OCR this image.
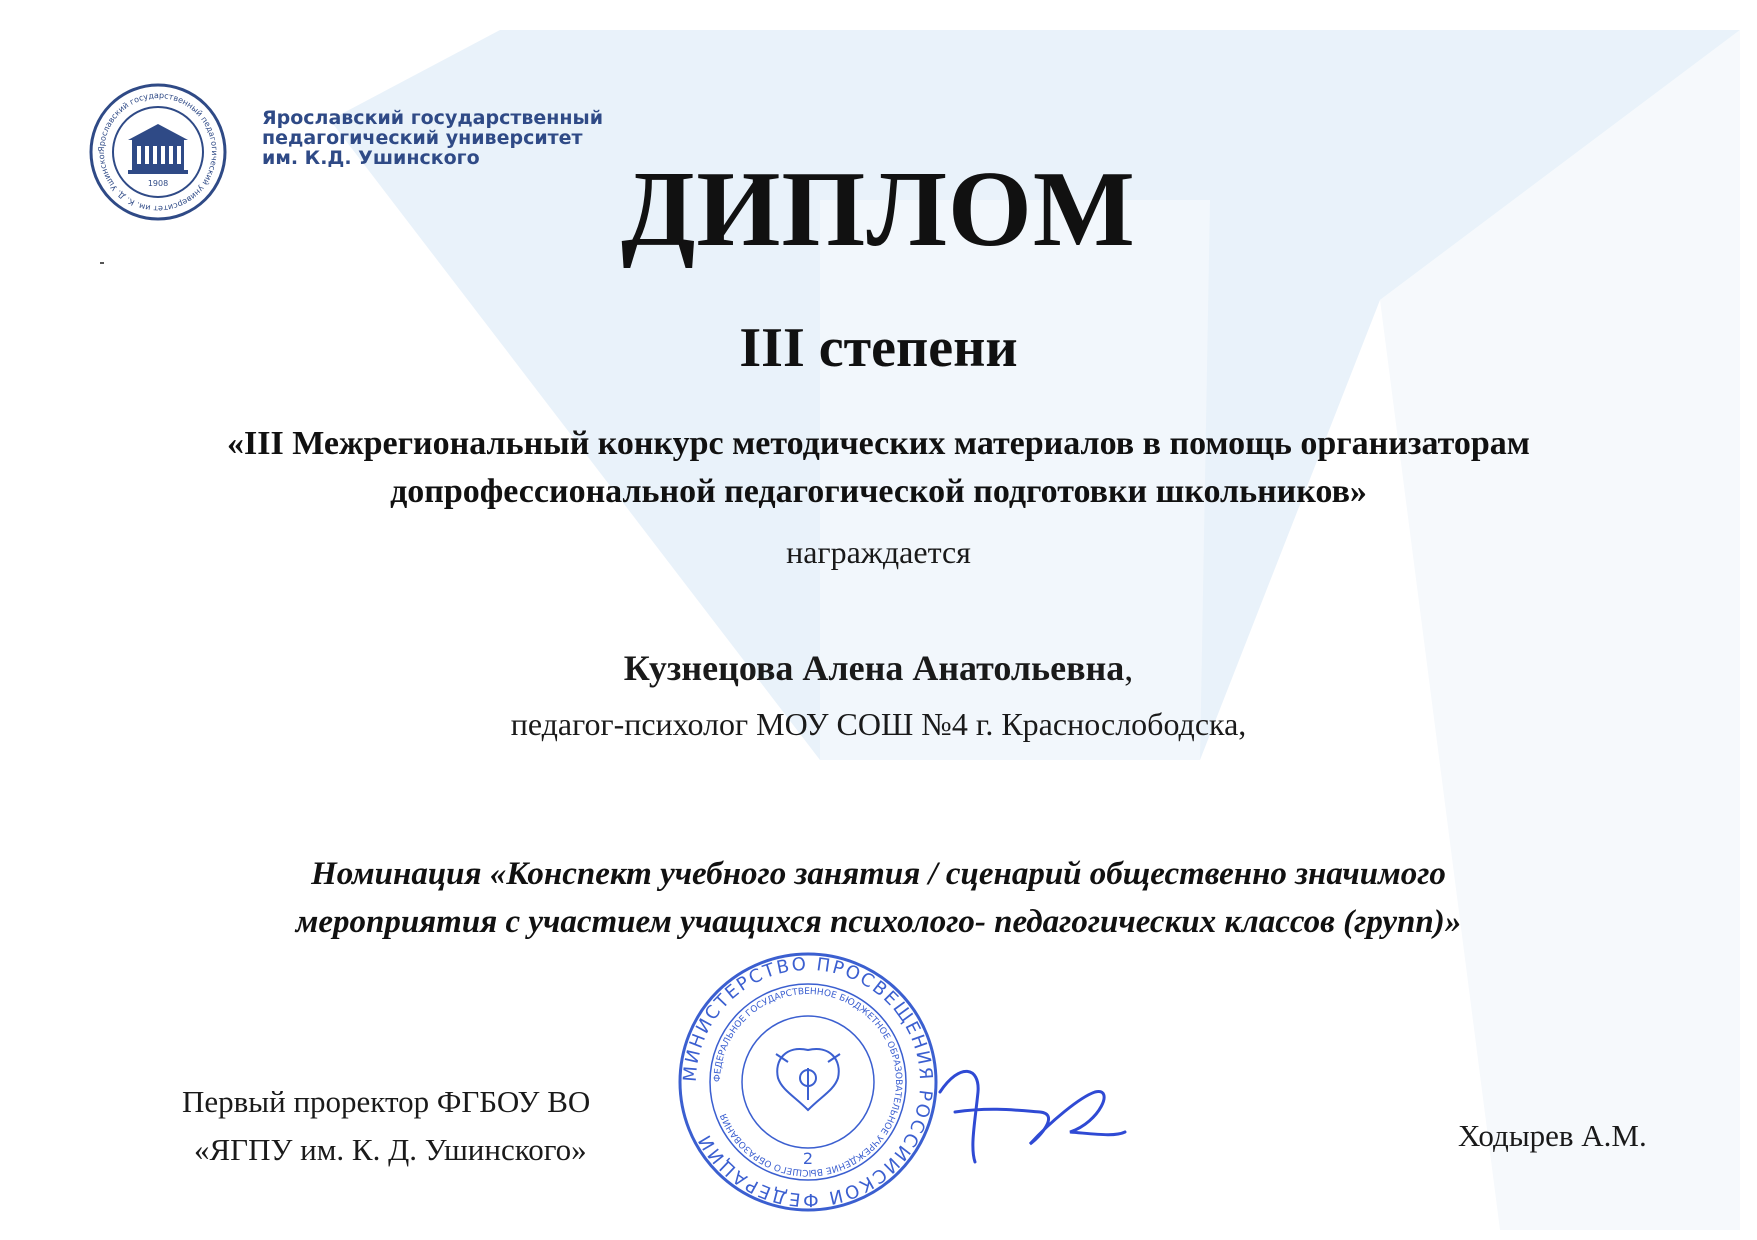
Ярославский государственный педагогический университет им. К. Д. Ушинског
1908
Ярославский государственный
педагогический университет
им. К.Д. Ушинского	ДИПЛОМ
III степени
«III Межрегиональный конкурс методических материалов в помощь организаторам
допрофессиональной педагогической подготовки школьников»
награждается
Кузнецова Алена Анатольевна,
педагог-психолог МОУ СОШ №4 г. Краснослободска,
Номинация «Конспект учебного занятия / сценарий общественно значимого
мероприятия с участием учащихся психолого- педагогических классов (групп)»
МИНИСТЕРСТВО ПРОСВЕЩЕНИЯ РОССИЙСКОЙ ФЕДЕРАЦИИ
ФЕДЕРАЛЬНОЕ ГОСУДАРСТВЕННОЕ БЮДЖЕТНОЕ ОБРАЗОВАТЕЛЬНОЕ УЧРЕЖДЕНИЕ ВЫСШЕГО ОБРАЗОВАНИЯ
2
Первый проректор ФГБОУ ВО
«ЯГПУ им. К. Д. Ушинского»	Ходырев А.М.
